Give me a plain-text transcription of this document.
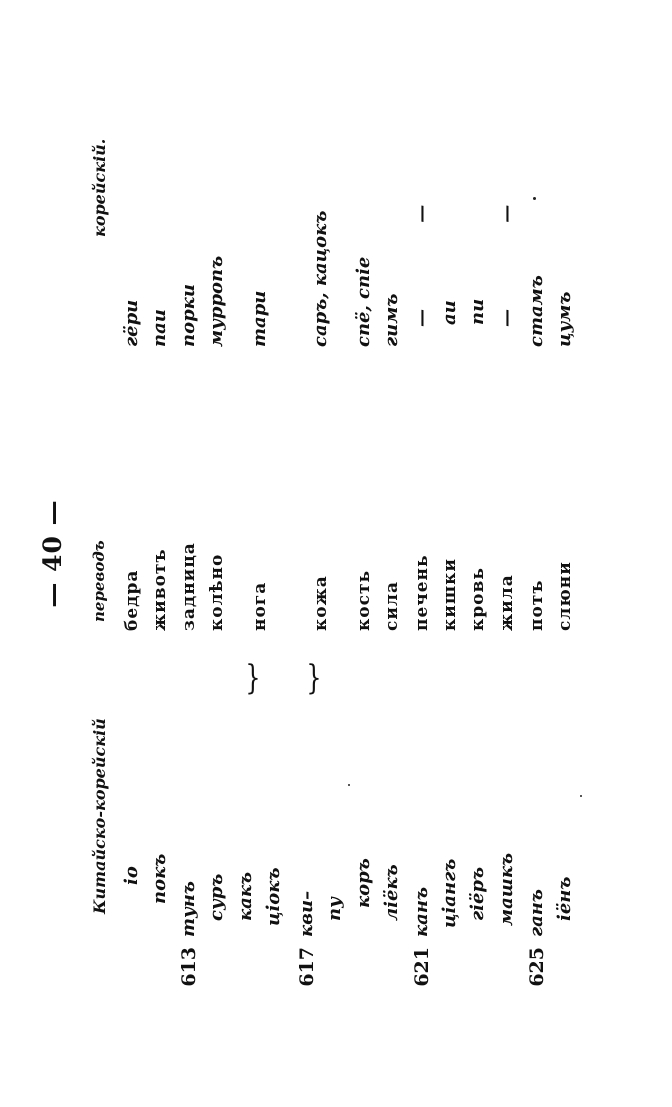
— 40 —
Китайско-корейскій
переводъ
корейскій.
іо
бедра
гёри
покъ
животъ
паи
613
тунъ
задница
порки
суръ
колѣно
мурропъ
какъ
}
нога
тари
ціокъ
617
кви–
}
кожа
саръ, кацокъ
пу
коръ
кость
спё, спіе
ліёкъ
сила
гимъ
621
канъ
печень
— —
ціангъ
кишки
аи
гіёръ
кровь
пи
машкъ
жила
— —
625
ганъ
потъ
стамъ
іёнъ
слюни
цумъ
